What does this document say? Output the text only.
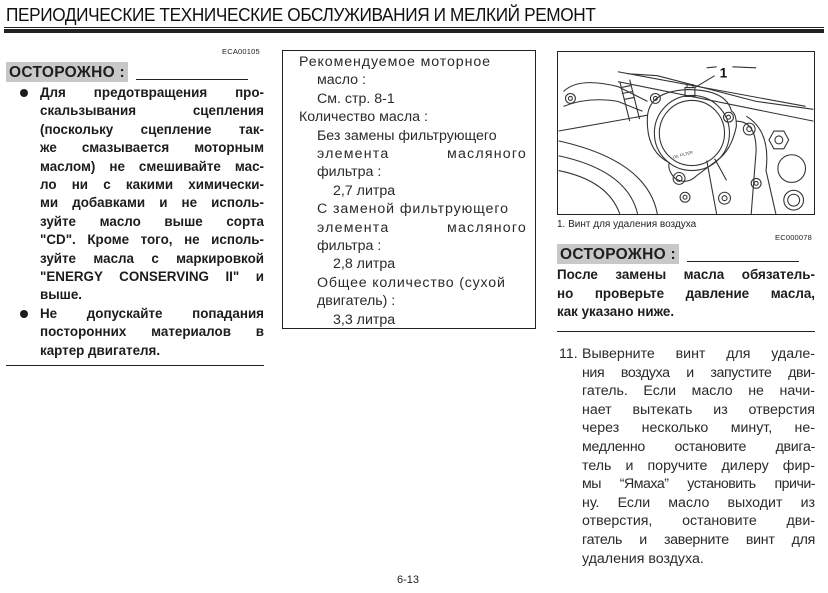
ПЕРИОДИЧЕСКИЕ ТЕХНИЧЕСКИЕ ОБСЛУЖИВАНИЯ И МЕЛКИЙ РЕМОНТ
ECA00105
ОСТОРОЖНО :
Для предотвращения про-
скальзывания сцепления
(поскольку сцепление так-
же смазывается моторным
маслом) не смешивайте мас-
ло ни с какими химически-
ми добавками и не исполь-
зуйте масло выше сорта
"CD". Кроме того, не исполь-
зуйте масла с маркировкой
"ENERGY CONSERVING II" и
выше.
Не допускайте попадания
посторонних материалов в
картер двигателя.
Рекомендуемое моторное
масло :
См. стр. 8-1
Количество масла :
Без замены фильтрующего
элемента	масляного
фильтра :
2,7 литра
С заменой фильтрующего
элемента	масляного
фильтра :
2,8 литра
Общее количество (сухой
двигатель) :
3,3 литра
OIL FILTER
1
1. Винт для удаления воздуха
EC000078
ОСТОРОЖНО :
После замены масла обязатель-
но проверьте давление масла,
как указано ниже.
11. Выверните винт для удале-
ния воздуха и запустите дви-
гатель. Если масло не начи-
нает вытекать из отверстия
через несколько минут, не-
медленно остановите двига-
тель и поручите дилеру фир-
мы “Ямаха” установить причи-
ну. Если масло выходит из
отверстия, остановите дви-
гатель и заверните винт для
удаления воздуха.
6-13
